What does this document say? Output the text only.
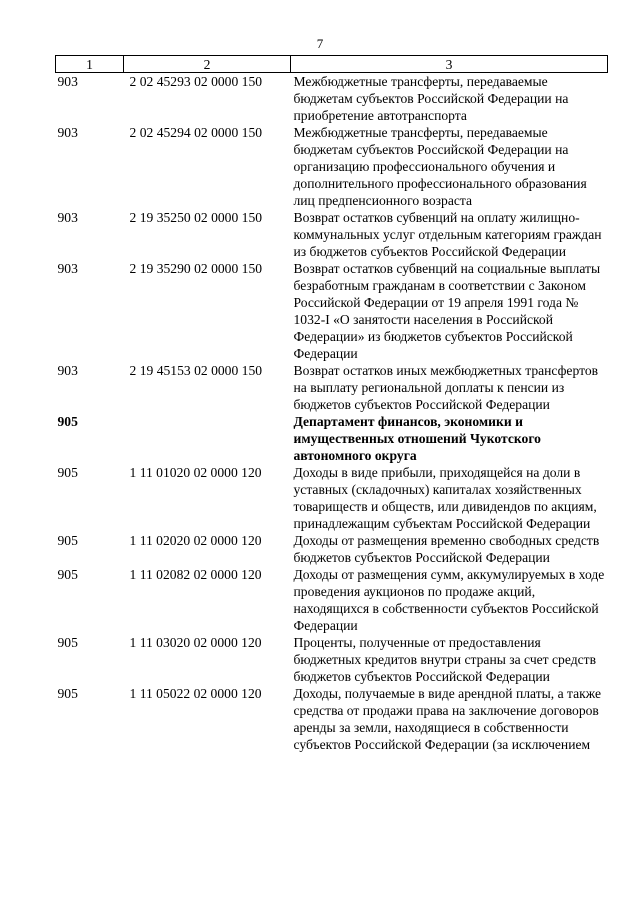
7
1	2	3
903	2 02 45293 02 0000 150	Межбюджетные трансферты, передаваемые бюджетам субъектов Российской Федерации на приобретение автотранспорта
903	2 02 45294 02 0000 150	Межбюджетные трансферты, передаваемые бюджетам субъектов Российской Федерации на организацию профессионального обучения и дополнительного профессионального образования лиц предпенсионного возраста
903	2 19 35250 02 0000 150	Возврат остатков субвенций на оплату жилищно-коммунальных услуг отдельным категориям граждан из бюджетов субъектов Российской Федерации
903	2 19 35290 02 0000 150	Возврат остатков субвенций на социальные выплаты безработным гражданам в соответствии с Законом Российской Федерации от 19 апреля 1991 года № 1032-I «О занятости населения в Российской Федерации» из бюджетов субъектов Российской Федерации
903	2 19 45153 02 0000 150	Возврат остатков иных межбюджетных трансфертов на выплату региональной доплаты к пенсии из бюджетов субъектов Российской Федерации
905		Департамент финансов, экономики и имущественных отношений Чукотского автономного округа
905	1 11 01020 02 0000 120	Доходы в виде прибыли, приходящейся на доли в уставных (складочных) капиталах хозяйственных товариществ и обществ, или дивидендов по акциям, принадлежащим субъектам Российской Федерации
905	1 11 02020 02 0000 120	Доходы от размещения временно свободных средств бюджетов субъектов Российской Федерации
905	1 11 02082 02 0000 120	Доходы от размещения сумм, аккумулируемых в ходе проведения аукционов по продаже акций, находящихся в собственности субъектов Российской Федерации
905	1 11 03020 02 0000 120	Проценты, полученные от предоставления бюджетных кредитов внутри страны за счет средств бюджетов субъектов Российской Федерации
905	1 11 05022 02 0000 120	Доходы, получаемые в виде арендной платы, а также средства от продажи права на заключение договоров аренды за земли, находящиеся в собственности субъектов Российской Федерации (за исключением
